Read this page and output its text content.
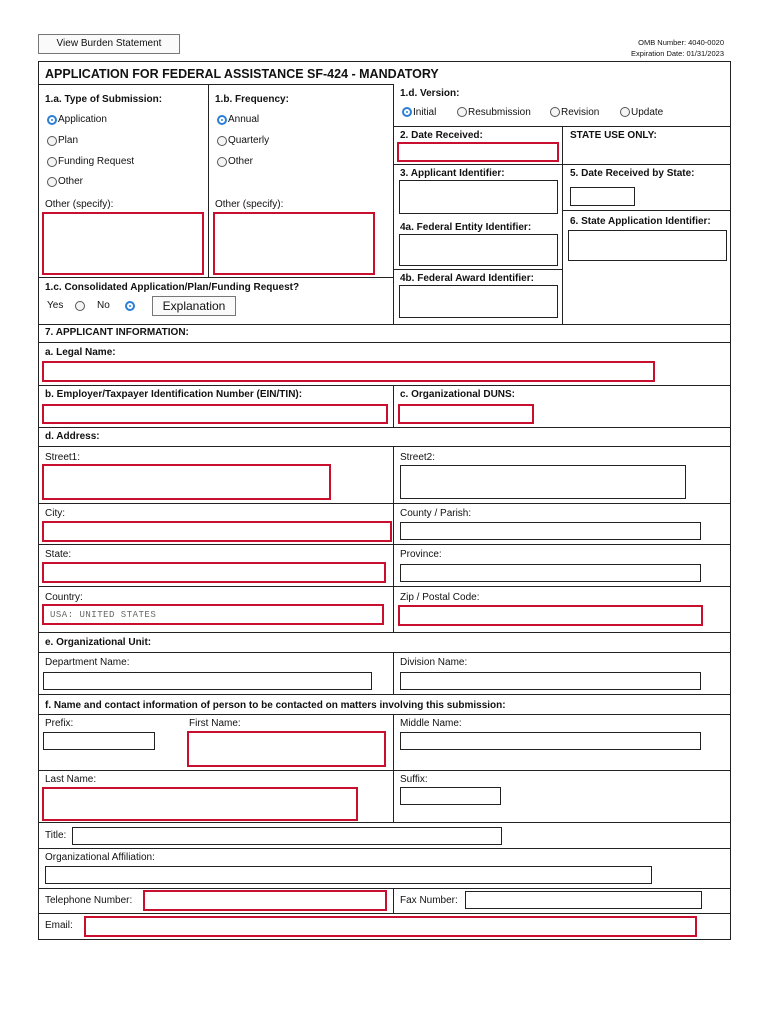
View Burden Statement	OMB Number: 4040-0020
Expiration Date: 01/31/2023
APPLICATION FOR FEDERAL ASSISTANCE SF-424 - MANDATORY
1.a. Type of Submission:
Application
Plan
Funding Request
Other
Other (specify):
1.b. Frequency:
Annual
Quarterly
Other
Other (specify):
1.c. Consolidated Application/Plan/Funding Request?
Yes	No	Explanation
1.d. Version:
Initial	Resubmission	Revision	Update
2. Date Received:	STATE USE ONLY:
3. Applicant Identifier:
4a. Federal Entity Identifier:
4b. Federal Award Identifier:
5. Date Received by State:
6. State Application Identifier:
7. APPLICANT INFORMATION:
a. Legal Name:
b. Employer/Taxpayer Identification Number (EIN/TIN):	c. Organizational DUNS:
d. Address:
Street1:	Street2:
City:	County / Parish:
State:	Province:
Country:
USA: UNITED STATES
Zip / Postal Code:
e. Organizational Unit:
Department Name:	Division Name:
f. Name and contact information of person to be contacted on matters involving this submission:
Prefix:	First Name:	Middle Name:
Last Name:	Suffix:
Title:
Organizational Affiliation:
Telephone Number:	Fax Number:
Email:
